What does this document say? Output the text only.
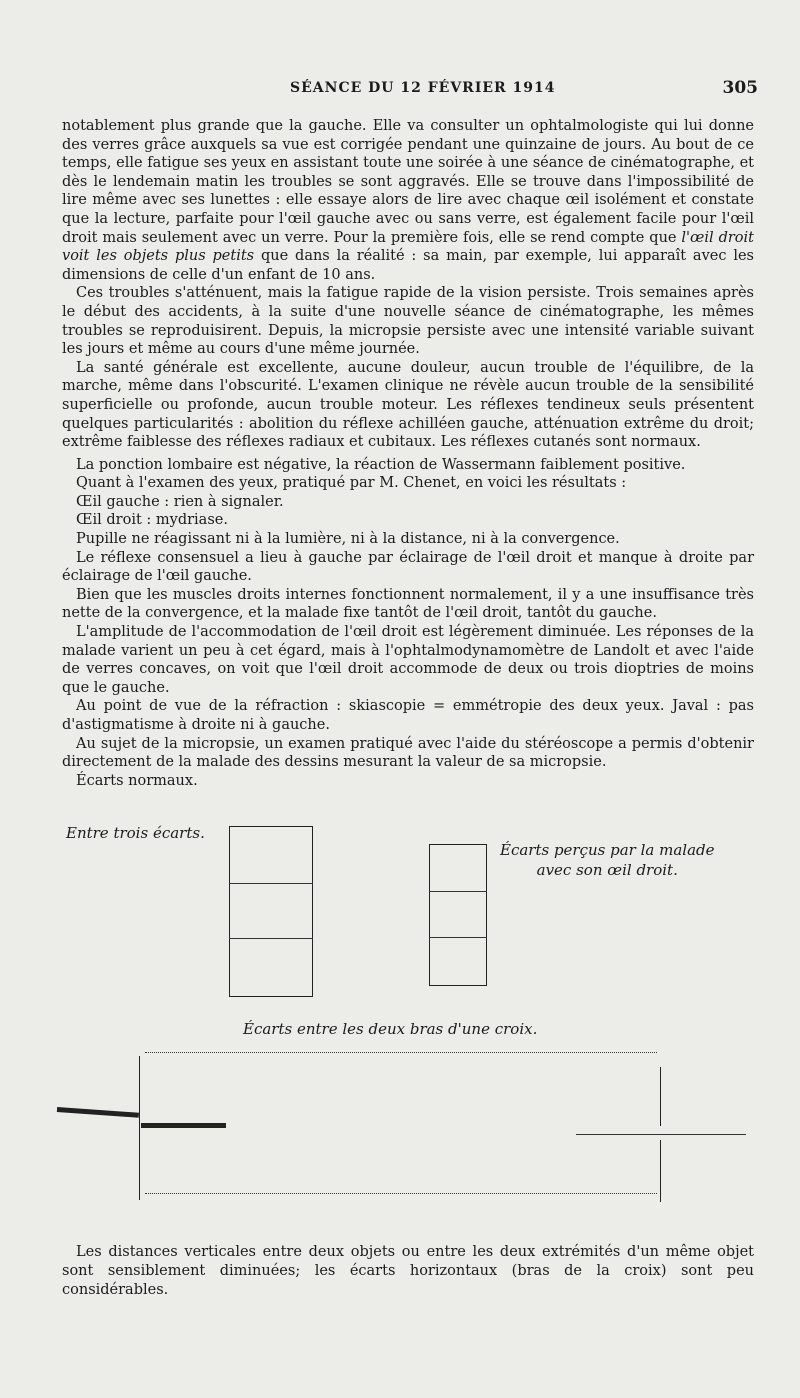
SÉANCE DU 12 FÉVRIER 1914	305

notablement plus grande que la gauche. Elle va consulter un ophtalmologiste qui lui donne des verres grâce auxquels sa vue est corrigée pendant une quinzaine de jours. Au bout de ce temps, elle fatigue ses yeux en assistant toute une soirée à une séance de cinématographe, et dès le lendemain matin les troubles se sont aggravés. Elle se trouve dans l'impossibilité de lire même avec ses lunettes : elle essaye alors de lire avec chaque œil isolément et constate que la lecture, parfaite pour l'œil gauche avec ou sans verre, est également facile pour l'œil droit mais seulement avec un verre. Pour la première fois, elle se rend compte que l'œil droit voit les objets plus petits que dans la réalité : sa main, par exemple, lui apparaît avec les dimensions de celle d'un enfant de 10 ans.

Ces troubles s'atténuent, mais la fatigue rapide de la vision persiste. Trois semaines après le début des accidents, à la suite d'une nouvelle séance de cinématographe, les mêmes troubles se reproduisirent. Depuis, la micropsie persiste avec une intensité variable suivant les jours et même au cours d'une même journée.

La santé générale est excellente, aucune douleur, aucun trouble de l'équilibre, de la marche, même dans l'obscurité. L'examen clinique ne révèle aucun trouble de la sensibilité superficielle ou profonde, aucun trouble moteur. Les réflexes tendineux seuls présentent quelques particularités : abolition du réflexe achilléen gauche, atténuation extrême du droit; extrême faiblesse des réflexes radiaux et cubitaux. Les réflexes cutanés sont normaux.

La ponction lombaire est négative, la réaction de Wassermann faiblement positive.

Quant à l'examen des yeux, pratiqué par M. Chenet, en voici les résultats :

Œil gauche : rien à signaler.

Œil droit : mydriase.

Pupille ne réagissant ni à la lumière, ni à la distance, ni à la convergence.

Le réflexe consensuel a lieu à gauche par éclairage de l'œil droit et manque à droite par éclairage de l'œil gauche.

Bien que les muscles droits internes fonctionnent normalement, il y a une insuffisance très nette de la convergence, et la malade fixe tantôt de l'œil droit, tantôt du gauche.

L'amplitude de l'accommodation de l'œil droit est légèrement diminuée. Les réponses de la malade varient un peu à cet égard, mais à l'ophtalmodynamomètre de Landolt et avec l'aide de verres concaves, on voit que l'œil droit accommode de deux ou trois dioptries de moins que le gauche.

Au point de vue de la réfraction : skiascopie = emmétropie des deux yeux. Javal : pas d'astigmatisme à droite ni à gauche.

Au sujet de la micropsie, un examen pratiqué avec l'aide du stéréoscope a permis d'obtenir directement de la malade des dessins mesurant la valeur de sa micropsie.

Écarts normaux.

Entre trois écarts.
Écarts perçus par la malade
avec son œil droit.
Écarts entre les deux bras d'une croix.

Les distances verticales entre deux objets ou entre les deux extrémités d'un même objet sont sensiblement diminuées; les écarts horizontaux (bras de la croix) sont peu considérables.
